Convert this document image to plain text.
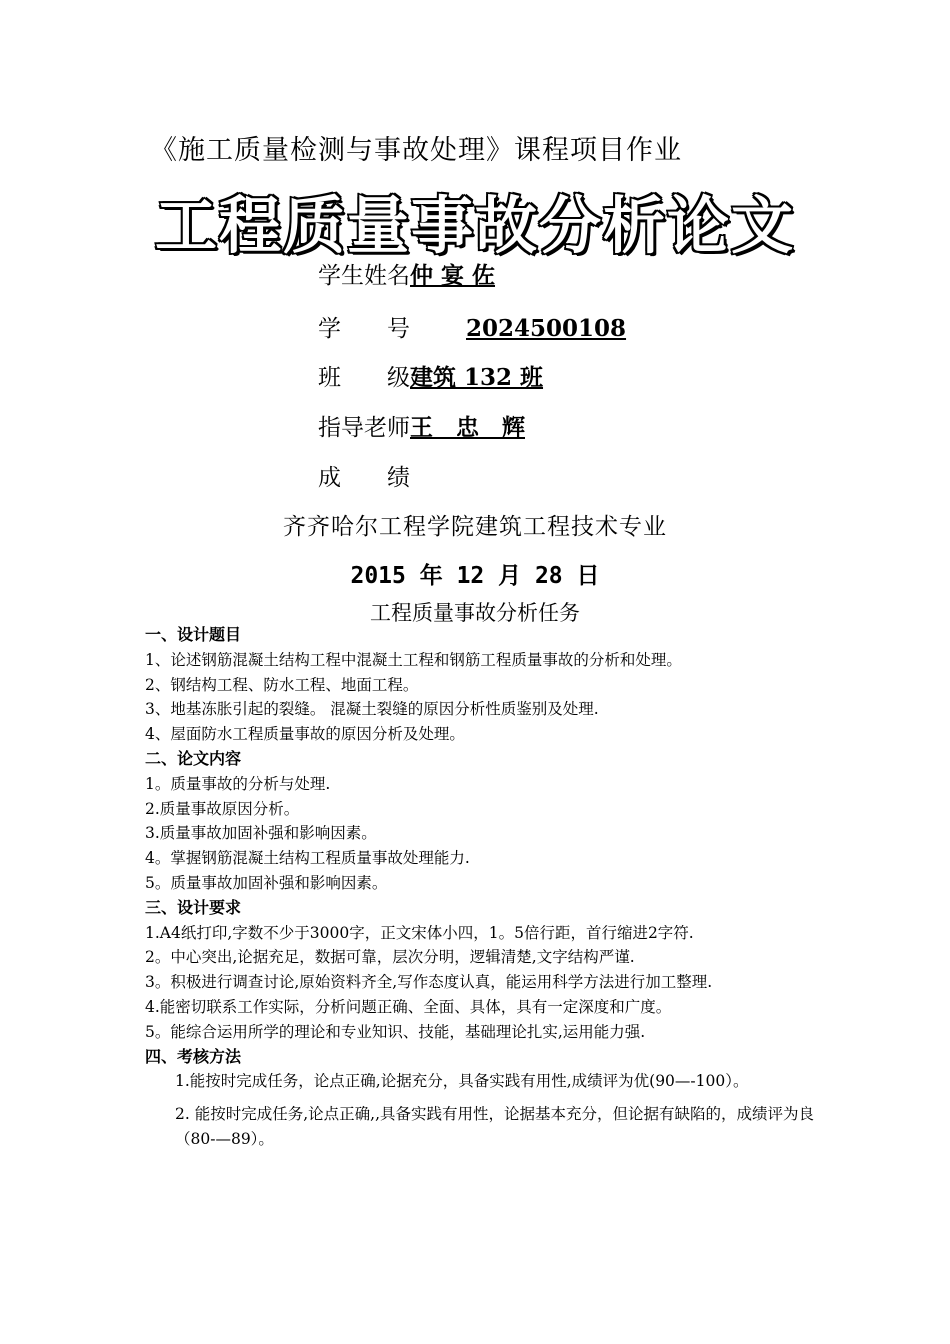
《施工质量检测与事故处理》课程项目作业
工程质量事故分析论文
学生姓名仲 宴 佐
学　　号 2024500108
班　　级建筑 132 班
指导老师王　忠　辉
成　　绩
齐齐哈尔工程学院建筑工程技术专业
2015 年 12 月 28 日
工程质量事故分析任务
一、设计题目
1、论述钢筋混凝土结构工程中混凝土工程和钢筋工程质量事故的分析和处理。
2、钢结构工程、防水工程、地面工程。
3、地基冻胀引起的裂缝。 混凝土裂缝的原因分析性质鉴别及处理.
4、屋面防水工程质量事故的原因分析及处理。
二、论文内容
1。质量事故的分析与处理.
2.质量事故原因分析。
3.质量事故加固补强和影响因素。
4。掌握钢筋混凝土结构工程质量事故处理能力.
5。质量事故加固补强和影响因素。
三、设计要求
1.A4纸打印,字数不少于3000字，正文宋体小四，1。5倍行距，首行缩进2字符.
2。中心突出,论据充足，数据可靠，层次分明，逻辑清楚,文字结构严谨.
3。积极进行调查讨论,原始资料齐全,写作态度认真，能运用科学方法进行加工整理.
4.能密切联系工作实际，分析问题正确、全面、具体，具有一定深度和广度。
5。能综合运用所学的理论和专业知识、技能，基础理论扎实,运用能力强.
四、考核方法
1.能按时完成任务，论点正确,论据充分，具备实践有用性,成绩评为优(90—-100）。
2. 能按时完成任务,论点正确,,具备实践有用性，论据基本充分，但论据有缺陷的，成绩评为良（80-—89）。
